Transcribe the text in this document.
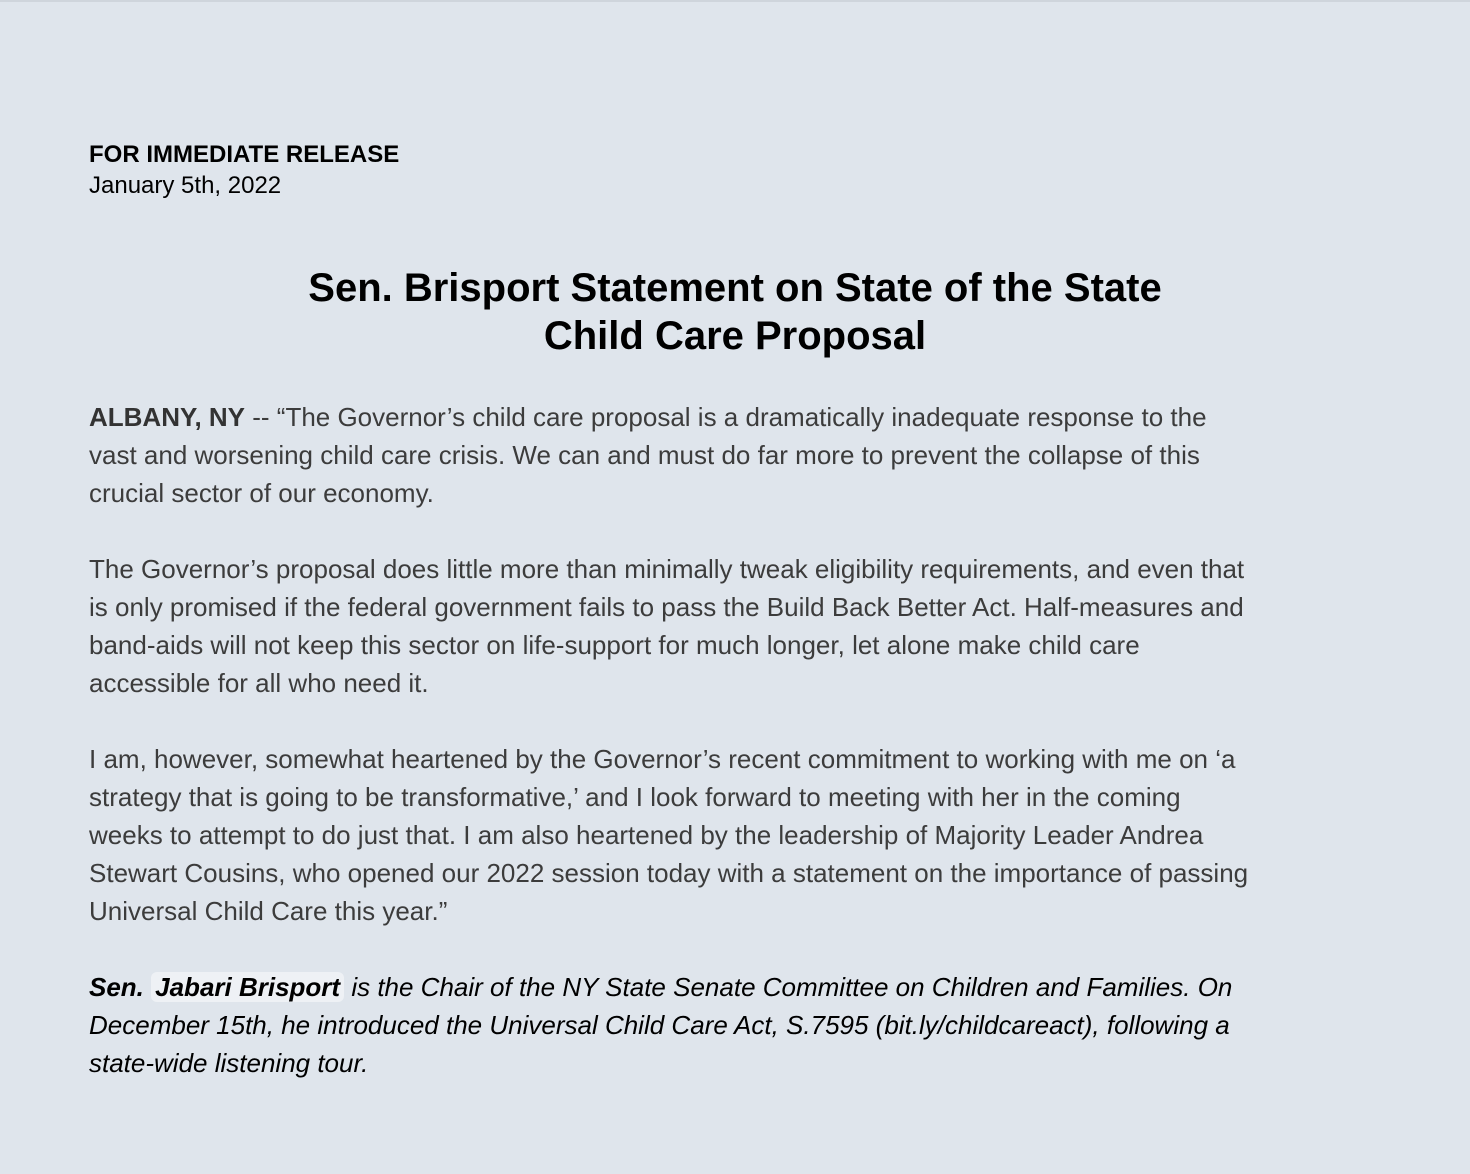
FOR IMMEDIATE RELEASE
January 5th, 2022
Sen. Brisport Statement on State of the State
Child Care Proposal

ALBANY, NY -- “The Governor’s child care proposal is a dramatically inadequate response to the
vast and worsening child care crisis. We can and must do far more to prevent the collapse of this
crucial sector of our economy.

The Governor’s proposal does little more than minimally tweak eligibility requirements, and even that
is only promised if the federal government fails to pass the Build Back Better Act. Half-measures and
band-aids will not keep this sector on life-support for much longer, let alone make child care
accessible for all who need it.

I am, however, somewhat heartened by the Governor’s recent commitment to working with me on ‘a
strategy that is going to be transformative,’ and I look forward to meeting with her in the coming
weeks to attempt to do just that. I am also heartened by the leadership of Majority Leader Andrea
Stewart Cousins, who opened our 2022 session today with a statement on the importance of passing
Universal Child Care this year.”

Sen. Jabari Brisport is the Chair of the NY State Senate Committee on Children and Families. On
December 15th, he introduced the Universal Child Care Act, S.7595 (bit.ly/childcareact), following a
state-wide listening tour.
